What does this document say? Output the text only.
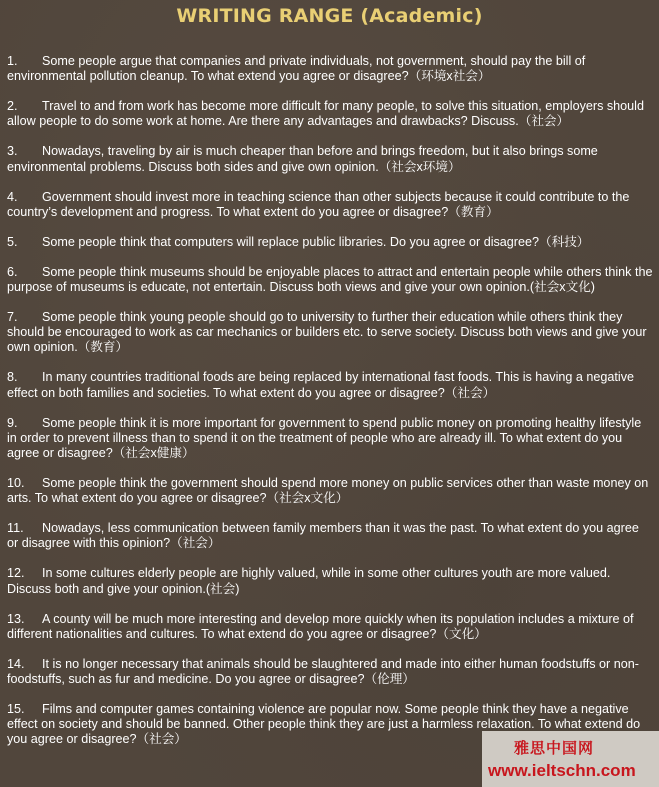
WRITING RANGE (Academic)
1. Some people argue that companies and private individuals, not government, should pay the bill of environmental pollution cleanup. To what extend you agree or disagree?（环境x社会）
2. Travel to and from work has become more difficult for many people, to solve this situation, employers should allow people to do some work at home. Are there any advantages and drawbacks? Discuss.（社会）
3. Nowadays, traveling by air is much cheaper than before and brings freedom, but it also brings some environmental problems. Discuss both sides and give own opinion.（社会x环境）
4. Government should invest more in teaching science than other subjects because it could contribute to the country’s development and progress. To what extent do you agree or disagree?（教育）
5. Some people think that computers will replace public libraries. Do you agree or disagree?（科技）
6. Some people think museums should be enjoyable places to attract and entertain people while others think the purpose of museums is educate, not entertain. Discuss both views and give your own opinion.(社会x文化)
7. Some people think young people should go to university to further their education while others think they should be encouraged to work as car mechanics or builders etc. to serve society. Discuss both views and give your own opinion.（教育）
8. In many countries traditional foods are being replaced by international fast foods. This is having a negative effect on both families and societies. To what extent do you agree or disagree?（社会）
9. Some people think it is more important for government to spend public money on promoting healthy lifestyle in order to prevent illness than to spend it on the treatment of people who are already ill. To what extent do you agree or disagree?（社会x健康）
10. Some people think the government should spend more money on public services other than waste money on arts. To what extent do you agree or disagree?（社会x文化）
11. Nowadays, less communication between family members than it was the past. To what extent do you agree or disagree with this opinion?（社会）
12. In some cultures elderly people are highly valued, while in some other cultures youth are more valued. Discuss both and give your opinion.(社会)
13. A county will be much more interesting and develop more quickly when its population includes a mixture of different nationalities and cultures. To what extend do you agree or disagree?（文化）
14. It is no longer necessary that animals should be slaughtered and made into either human foodstuffs or non-foodstuffs, such as fur and medicine. Do you agree or disagree?（伦理）
15. Films and computer games containing violence are popular now. Some people think they have a negative effect on society and should be banned. Other people think they are just a harmless relaxation. To what extend do you agree or disagree?（社会）	雅思中国网
www.ieltschn.com
